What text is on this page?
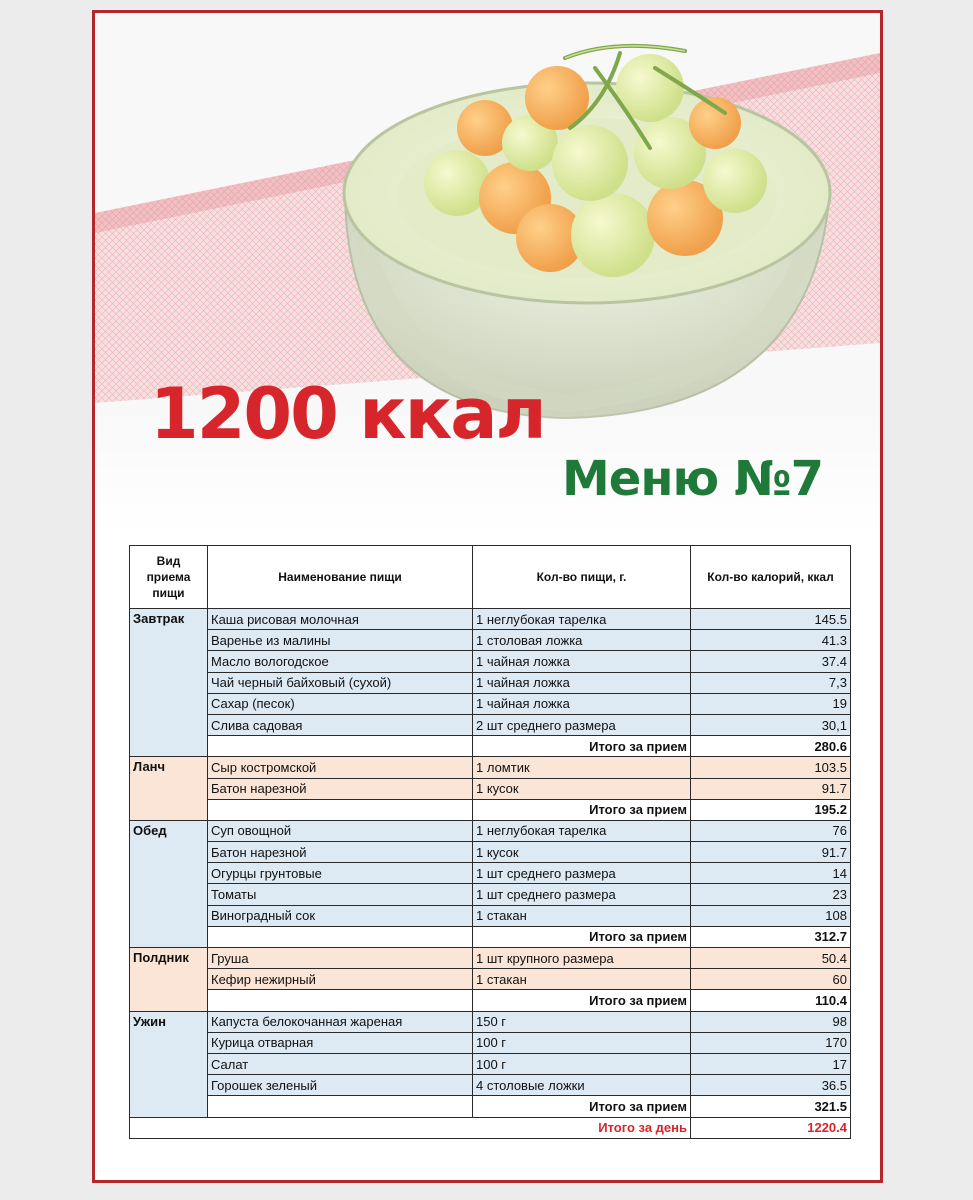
1200 ккал
Меню №7
Вид
приема
пищи	Наименование пищи	Кол-во пищи, г.	Кол-во калорий, ккал
Завтрак	Каша рисовая молочная	1 неглубокая тарелка	145.5
	Варенье из малины	1 столовая ложка	41.3
	Масло вологодское	1 чайная ложка	37.4
	Чай черный байховый (сухой)	1 чайная ложка	7,3
	Сахар (песок)	1 чайная ложка	19
	Слива садовая	2 шт среднего размера	30,1
		Итого за прием	280.6
Ланч	Сыр костромской	1 ломтик	103.5
	Батон нарезной	1 кусок	91.7
		Итого за прием	195.2
Обед	Суп овощной	1 неглубокая тарелка	76
	Батон нарезной	1 кусок	91.7
	Огурцы грунтовые	1 шт среднего размера	14
	Томаты	1 шт среднего размера	23
	Виноградный сок	1 стакан	108
		Итого за прием	312.7
Полдник	Груша	1 шт крупного размера	50.4
	Кефир нежирный	1 стакан	60
		Итого за прием	110.4
Ужин	Капуста белокочанная жареная	150 г	98
	Курица отварная	100 г	170
	Салат	100 г	17
	Горошек зеленый	4 столовые ложки	36.5
		Итого за прием	321.5
Итого за день			1220.4
